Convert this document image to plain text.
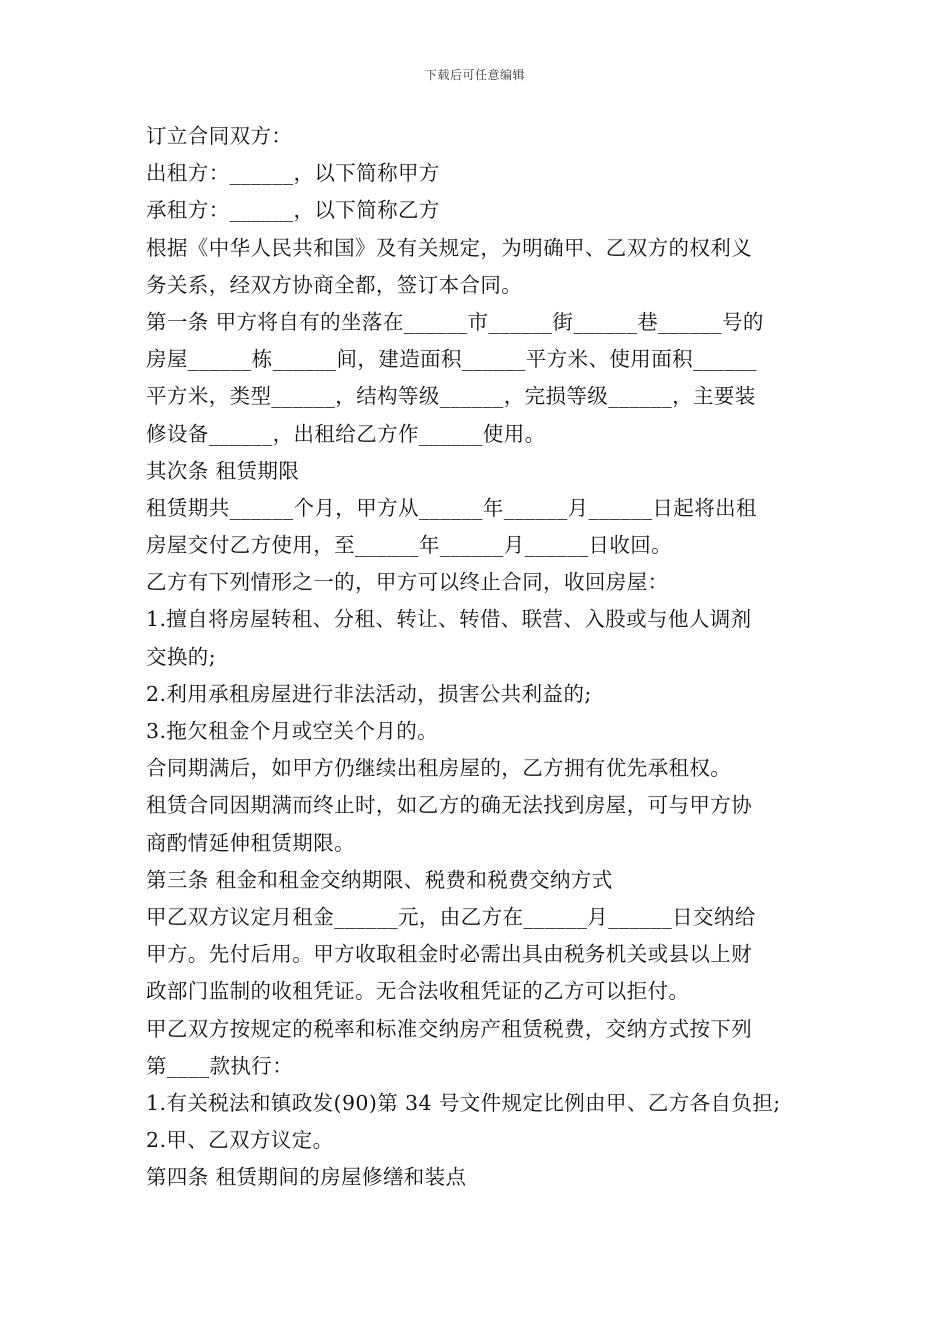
下载后可任意编辑
订立合同双方：
出租方：______，以下简称甲方
承租方：______，以下简称乙方
根据《中华人民共和国》及有关规定，为明确甲、乙双方的权利义
务关系，经双方协商全都，签订本合同。
第一条 甲方将自有的坐落在______市______街______巷______号的
房屋______栋______间，建造面积______平方米、使用面积______
平方米，类型______，结构等级______，完损等级______，主要装
修设备______，出租给乙方作______使用。
其次条 租赁期限
租赁期共______个月，甲方从______年______月______日起将出租
房屋交付乙方使用，至______年______月______日收回。
乙方有下列情形之一的，甲方可以终止合同，收回房屋：
1.擅自将房屋转租、分租、转让、转借、联营、入股或与他人调剂
交换的;
2.利用承租房屋进行非法活动，损害公共利益的;
3.拖欠租金个月或空关个月的。
合同期满后，如甲方仍继续出租房屋的，乙方拥有优先承租权。
租赁合同因期满而终止时，如乙方的确无法找到房屋，可与甲方协
商酌情延伸租赁期限。
第三条 租金和租金交纳期限、税费和税费交纳方式
甲乙双方议定月租金______元，由乙方在______月______日交纳给
甲方。先付后用。甲方收取租金时必需出具由税务机关或县以上财
政部门监制的收租凭证。无合法收租凭证的乙方可以拒付。
甲乙双方按规定的税率和标准交纳房产租赁税费，交纳方式按下列
第____款执行：
1.有关税法和镇政发(90)第 34 号文件规定比例由甲、乙方各自负担;
2.甲、乙双方议定。
第四条 租赁期间的房屋修缮和装点
